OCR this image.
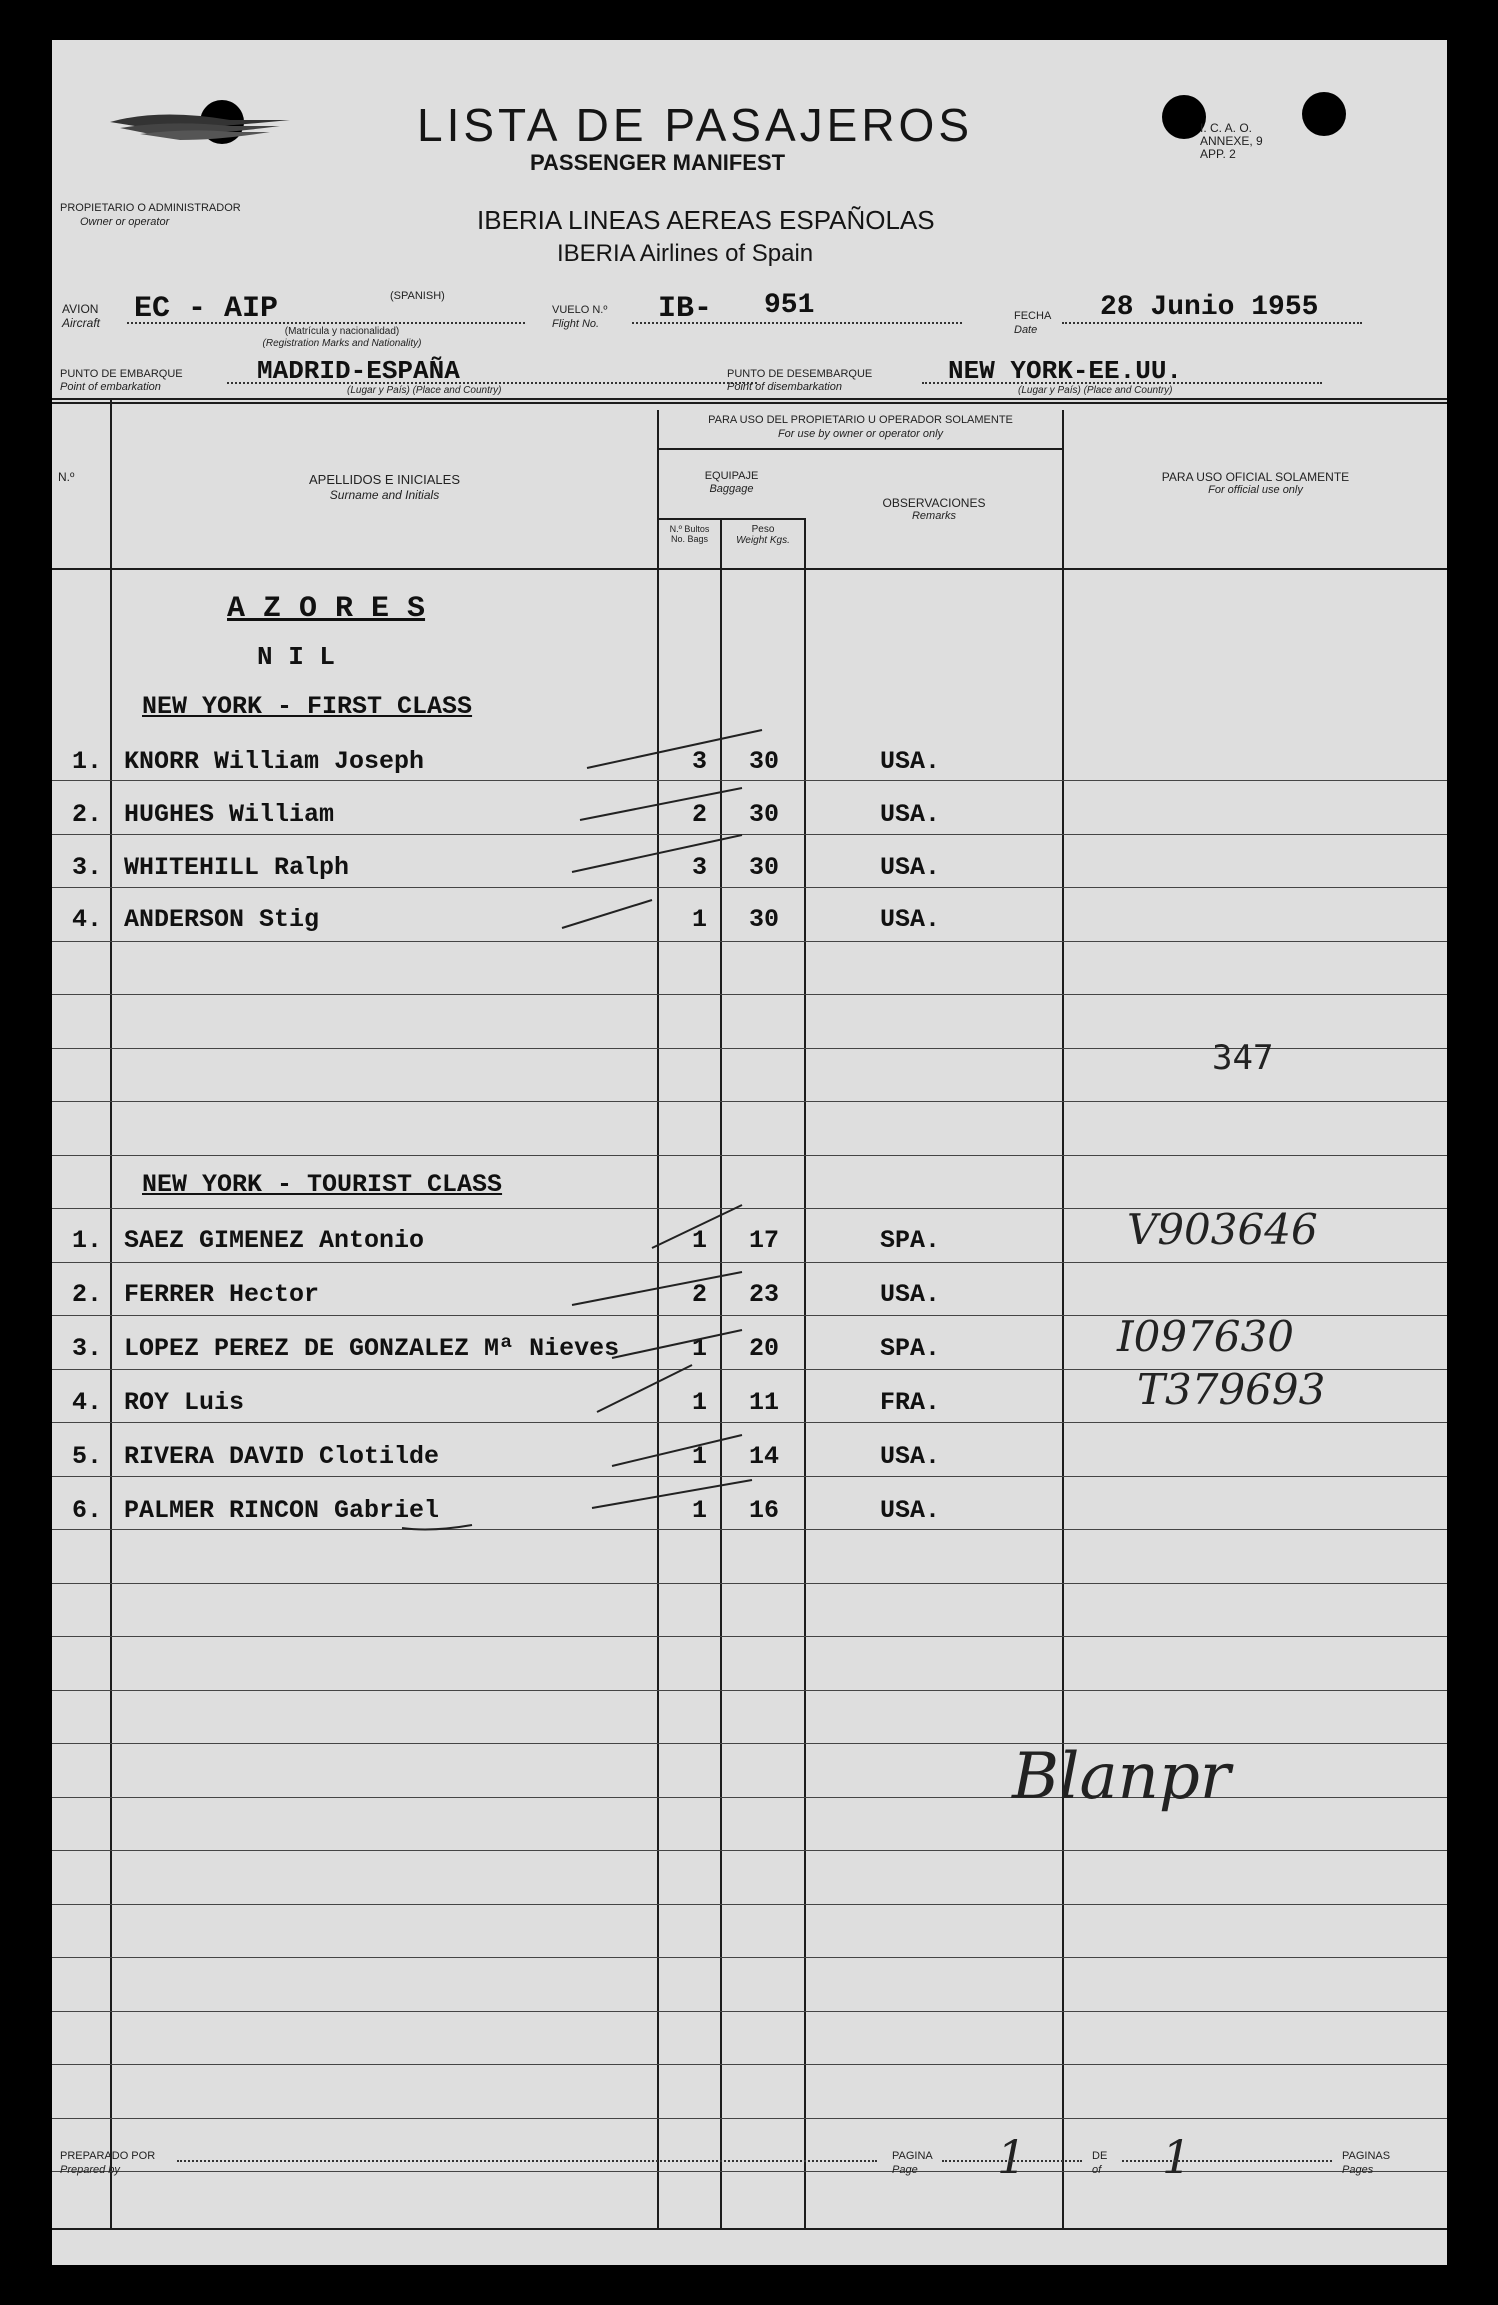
LISTA DE PASAJEROS
PASSENGER MANIFEST
I. C. A. O.
ANNEXE, 9
APP. 2
PROPIETARIO O ADMINISTRADOR
Owner or operator	IBERIA LINEAS AEREAS ESPAÑOLAS
IBERIA Airlines of Spain
AVION
Aircraft EC - AIP	(SPANISH)
(Matrícula y nacionalidad)
(Registration Marks and Nationality)
VUELO N.º
Flight No. IB- 951	FECHA
Date
28 Junio 1955
PUNTO DE EMBARQUE
Point of embarkation
MADRID-ESPAÑA
(Lugar y País) (Place and Country)
PUNTO DE DESEMBARQUE
Point of disembarkation
NEW YORK-EE.UU.
(Lugar y País) (Place and Country)
N.º	APELLIDOS E INICIALES
Surname and Initials
PARA USO DEL PROPIETARIO U OPERADOR SOLAMENTE
For use by owner or operator only
EQUIPAJE
Baggage
N.º Bultos
No. Bags
Peso
Weight Kgs.
OBSERVACIONES
Remarks
PARA USO OFICIAL SOLAMENTE
For official use only
A Z O R E S
N I L
NEW YORK - FIRST CLASS
1. KNORR William Joseph	3 30	USA.
2. HUGHES William	2 30	USA.
3. WHITEHILL Ralph	3 30	USA.
4. ANDERSON Stig	1 30	USA.
347
NEW YORK - TOURIST CLASS
1. SAEZ GIMENEZ Antonio	1 17	SPA.	V903646
2. FERRER Hector	2 23	USA.
3. LOPEZ PEREZ DE GONZALEZ Mª Nieves	1 20	SPA.	I097630
4. ROY Luis	1 11	FRA.	T379693
5. RIVERA DAVID Clotilde	1 14	USA.
6. PALMER RINCON Gabriel	1 16	USA.
Blanpr
PREPARADO POR
Prepared by
PAGINA
Page 1	DE
of 1	PAGINAS
Pages
